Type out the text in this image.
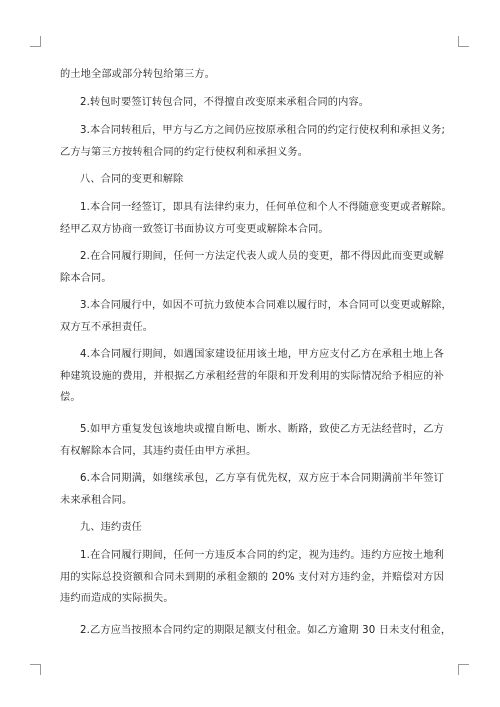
的土地全部或部分转包给第三方。
2.转包时要签订转包合同，不得擅自改变原来承租合同的内容。
3.本合同转租后，甲方与乙方之间仍应按原承租合同的约定行使权利和承担义务;
乙方与第三方按转租合同的约定行使权利和承担义务。
八、合同的变更和解除
1.本合同一经签订，即具有法律约束力，任何单位和个人不得随意变更或者解除。
经甲乙双方协商一致签订书面协议方可变更或解除本合同。
2.在合同履行期间，任何一方法定代表人或人员的变更，都不得因此而变更或解
除本合同。
3.本合同履行中，如因不可抗力致使本合同难以履行时，本合同可以变更或解除，
双方互不承担责任。
4.本合同履行期间，如遇国家建设征用该土地，甲方应支付乙方在承租土地上各
种建筑设施的费用，并根据乙方承租经营的年限和开发利用的实际情况给予相应的补
偿。
5.如甲方重复发包该地块或擅自断电、断水、断路，致使乙方无法经营时，乙方
有权解除本合同，其违约责任由甲方承担。
6.本合同期满，如继续承包，乙方享有优先权，双方应于本合同期满前半年签订
未来承租合同。
九、违约责任
1.在合同履行期间，任何一方违反本合同的约定，视为违约。违约方应按土地利
用的实际总投资额和合同未到期的承租金额的 20% 支付对方违约金，并赔偿对方因
违约而造成的实际损失。
2.乙方应当按照本合同约定的期限足额支付租金。如乙方逾期 30 日未支付租金，
